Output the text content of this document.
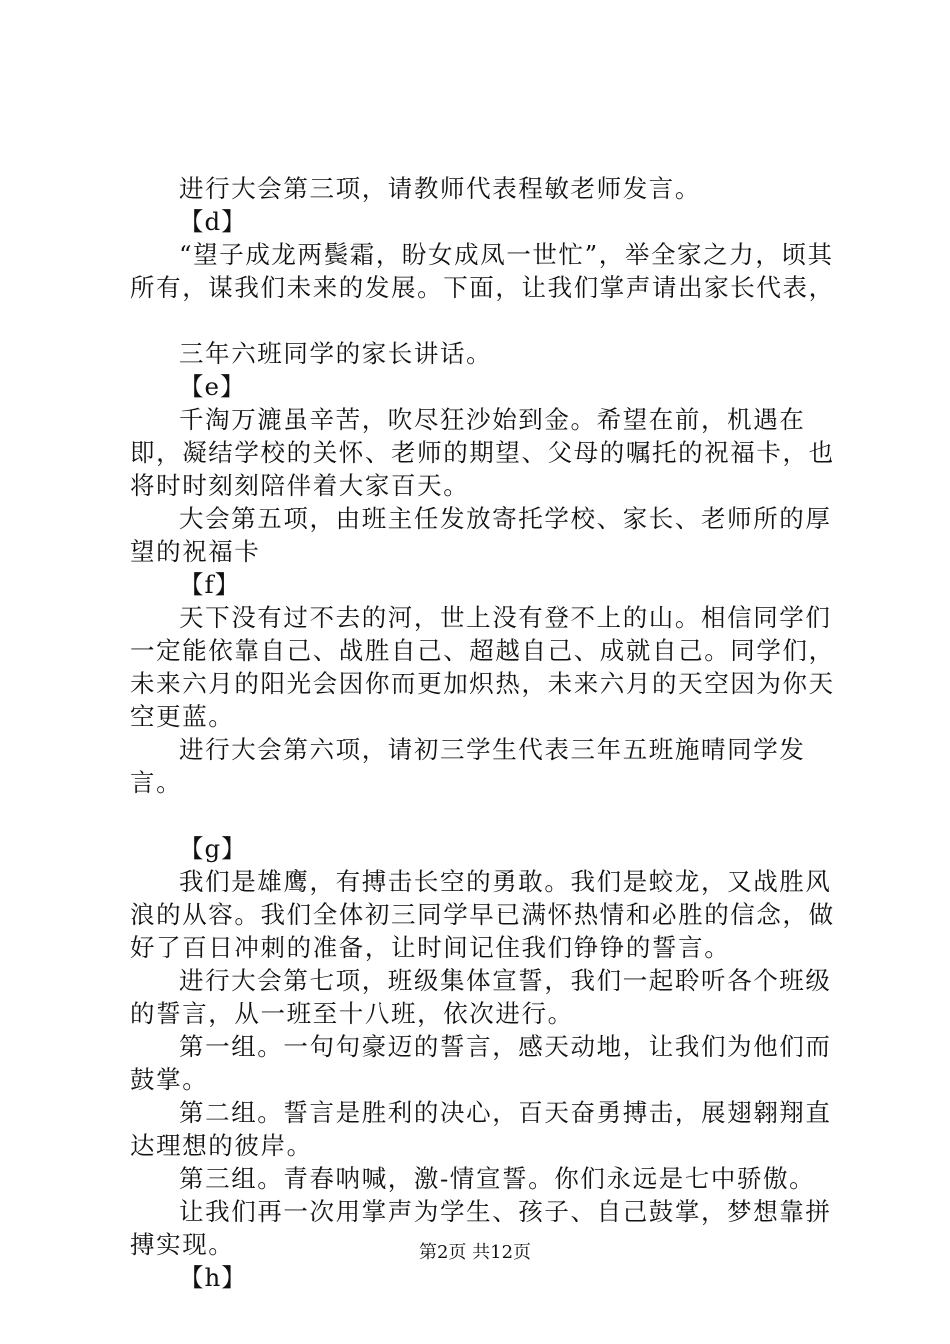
进行大会第三项，请教师代表程敏老师发言。

【d】

“望子成龙两鬓霜，盼女成凤一世忙”，举全家之力，顷其所有，谋我们未来的发展。下面，让我们掌声请出家长代表，

三年六班同学的家长讲话。

【e】

千淘万漉虽辛苦，吹尽狂沙始到金。希望在前，机遇在即，凝结学校的关怀、老师的期望、父母的嘱托的祝福卡，也将时时刻刻陪伴着大家百天。

大会第五项，由班主任发放寄托学校、家长、老师所的厚望的祝福卡

【f】

天下没有过不去的河，世上没有登不上的山。相信同学们一定能依靠自己、战胜自己、超越自己、成就自己。同学们，未来六月的阳光会因你而更加炽热，未来六月的天空因为你天空更蓝。

进行大会第六项，请初三学生代表三年五班施晴同学发言。

【g】

我们是雄鹰，有搏击长空的勇敢。我们是蛟龙，又战胜风浪的从容。我们全体初三同学早已满怀热情和必胜的信念，做好了百日冲刺的准备，让时间记住我们铮铮的誓言。

进行大会第七项，班级集体宣誓，我们一起聆听各个班级的誓言，从一班至十八班，依次进行。

第一组。一句句豪迈的誓言，感天动地，让我们为他们而鼓掌。

第二组。誓言是胜利的决心，百天奋勇搏击，展翅翱翔直达理想的彼岸。

第三组。青春呐喊，激-情宣誓。你们永远是七中骄傲。

让我们再一次用掌声为学生、孩子、自己鼓掌，梦想靠拼搏实现。

【h】

第2页 共12页
